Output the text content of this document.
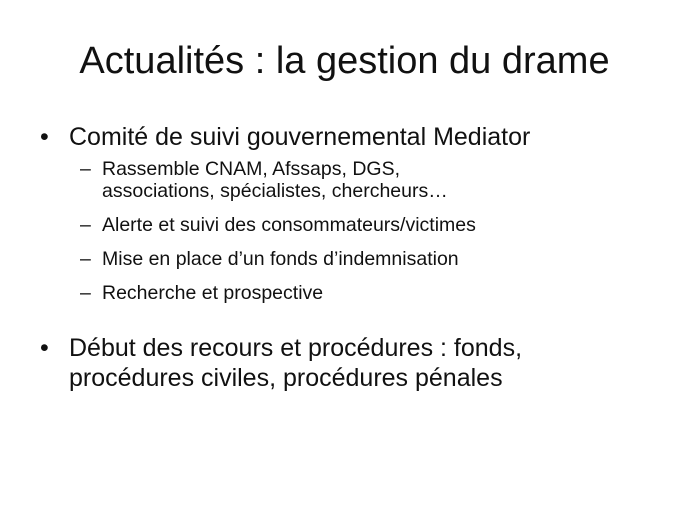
Actualités : la gestion du drame
• Comité de suivi gouvernemental Mediator
– Rassemble CNAM, Afssaps, DGS,
associations, spécialistes, chercheurs…
– Alerte et suivi des consommateurs/victimes
– Mise en place d’un fonds d’indemnisation
– Recherche et prospective
• Début des recours et procédures : fonds,
procédures civiles, procédures pénales
